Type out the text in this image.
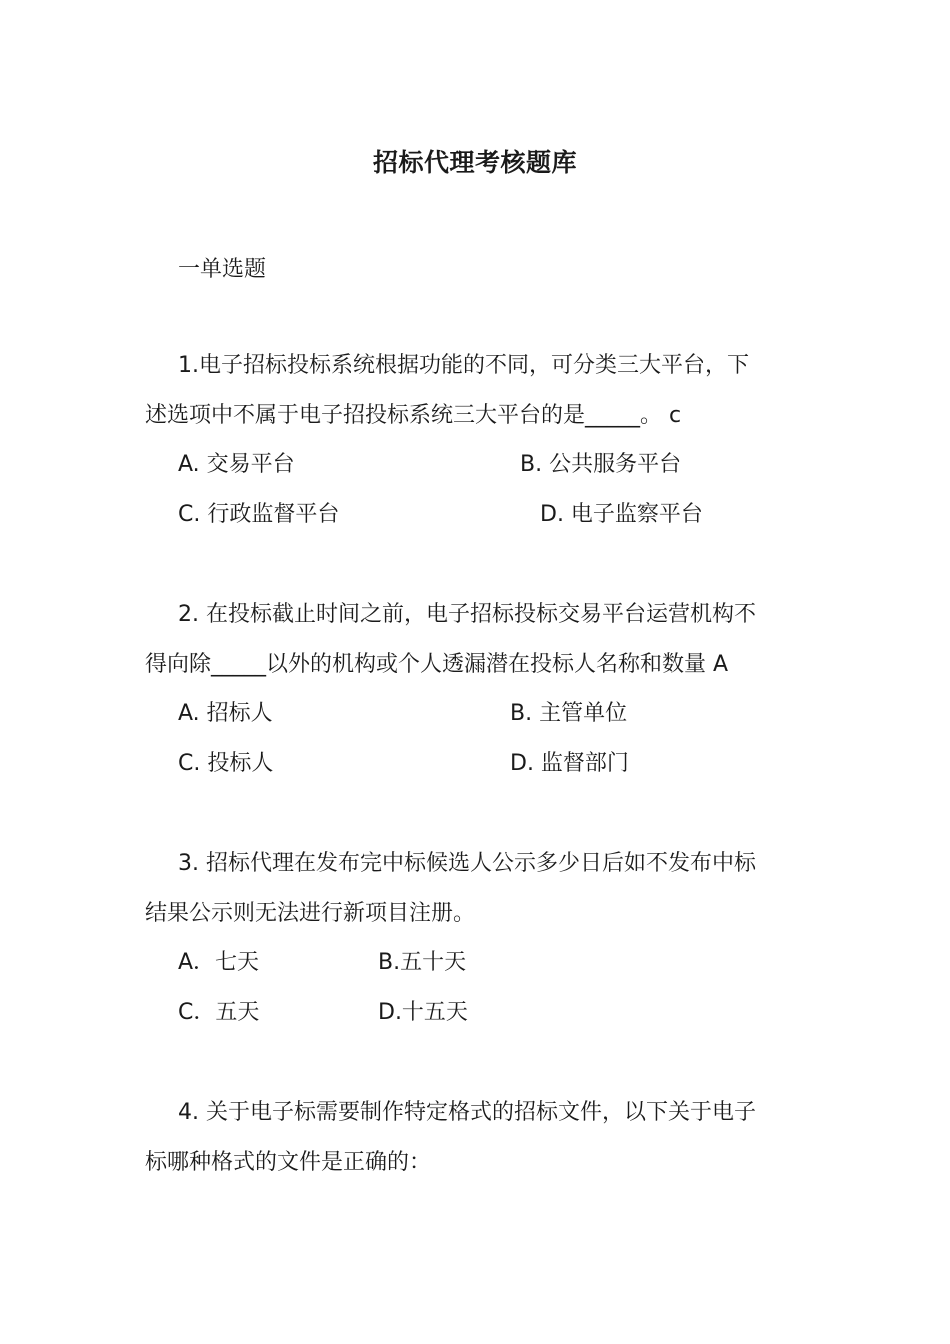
招标代理考核题库
一单选题
1.电子招标投标系统根据功能的不同，可分类三大平台，下
述选项中不属于电子招投标系统三大平台的是_____。 c
A. 交易平台	B. 公共服务平台
C. 行政监督平台	D. 电子监察平台
2. 在投标截止时间之前，电子招标投标交易平台运营机构不
得向除_____以外的机构或个人透漏潜在投标人名称和数量 A
A. 招标人	B. 主管单位
C. 投标人	D. 监督部门
3. 招标代理在发布完中标候选人公示多少日后如不发布中标
结果公示则无法进行新项目注册。
A．七天	B.五十天
C．五天	D.十五天
4. 关于电子标需要制作特定格式的招标文件，以下关于电子
标哪种格式的文件是正确的：
